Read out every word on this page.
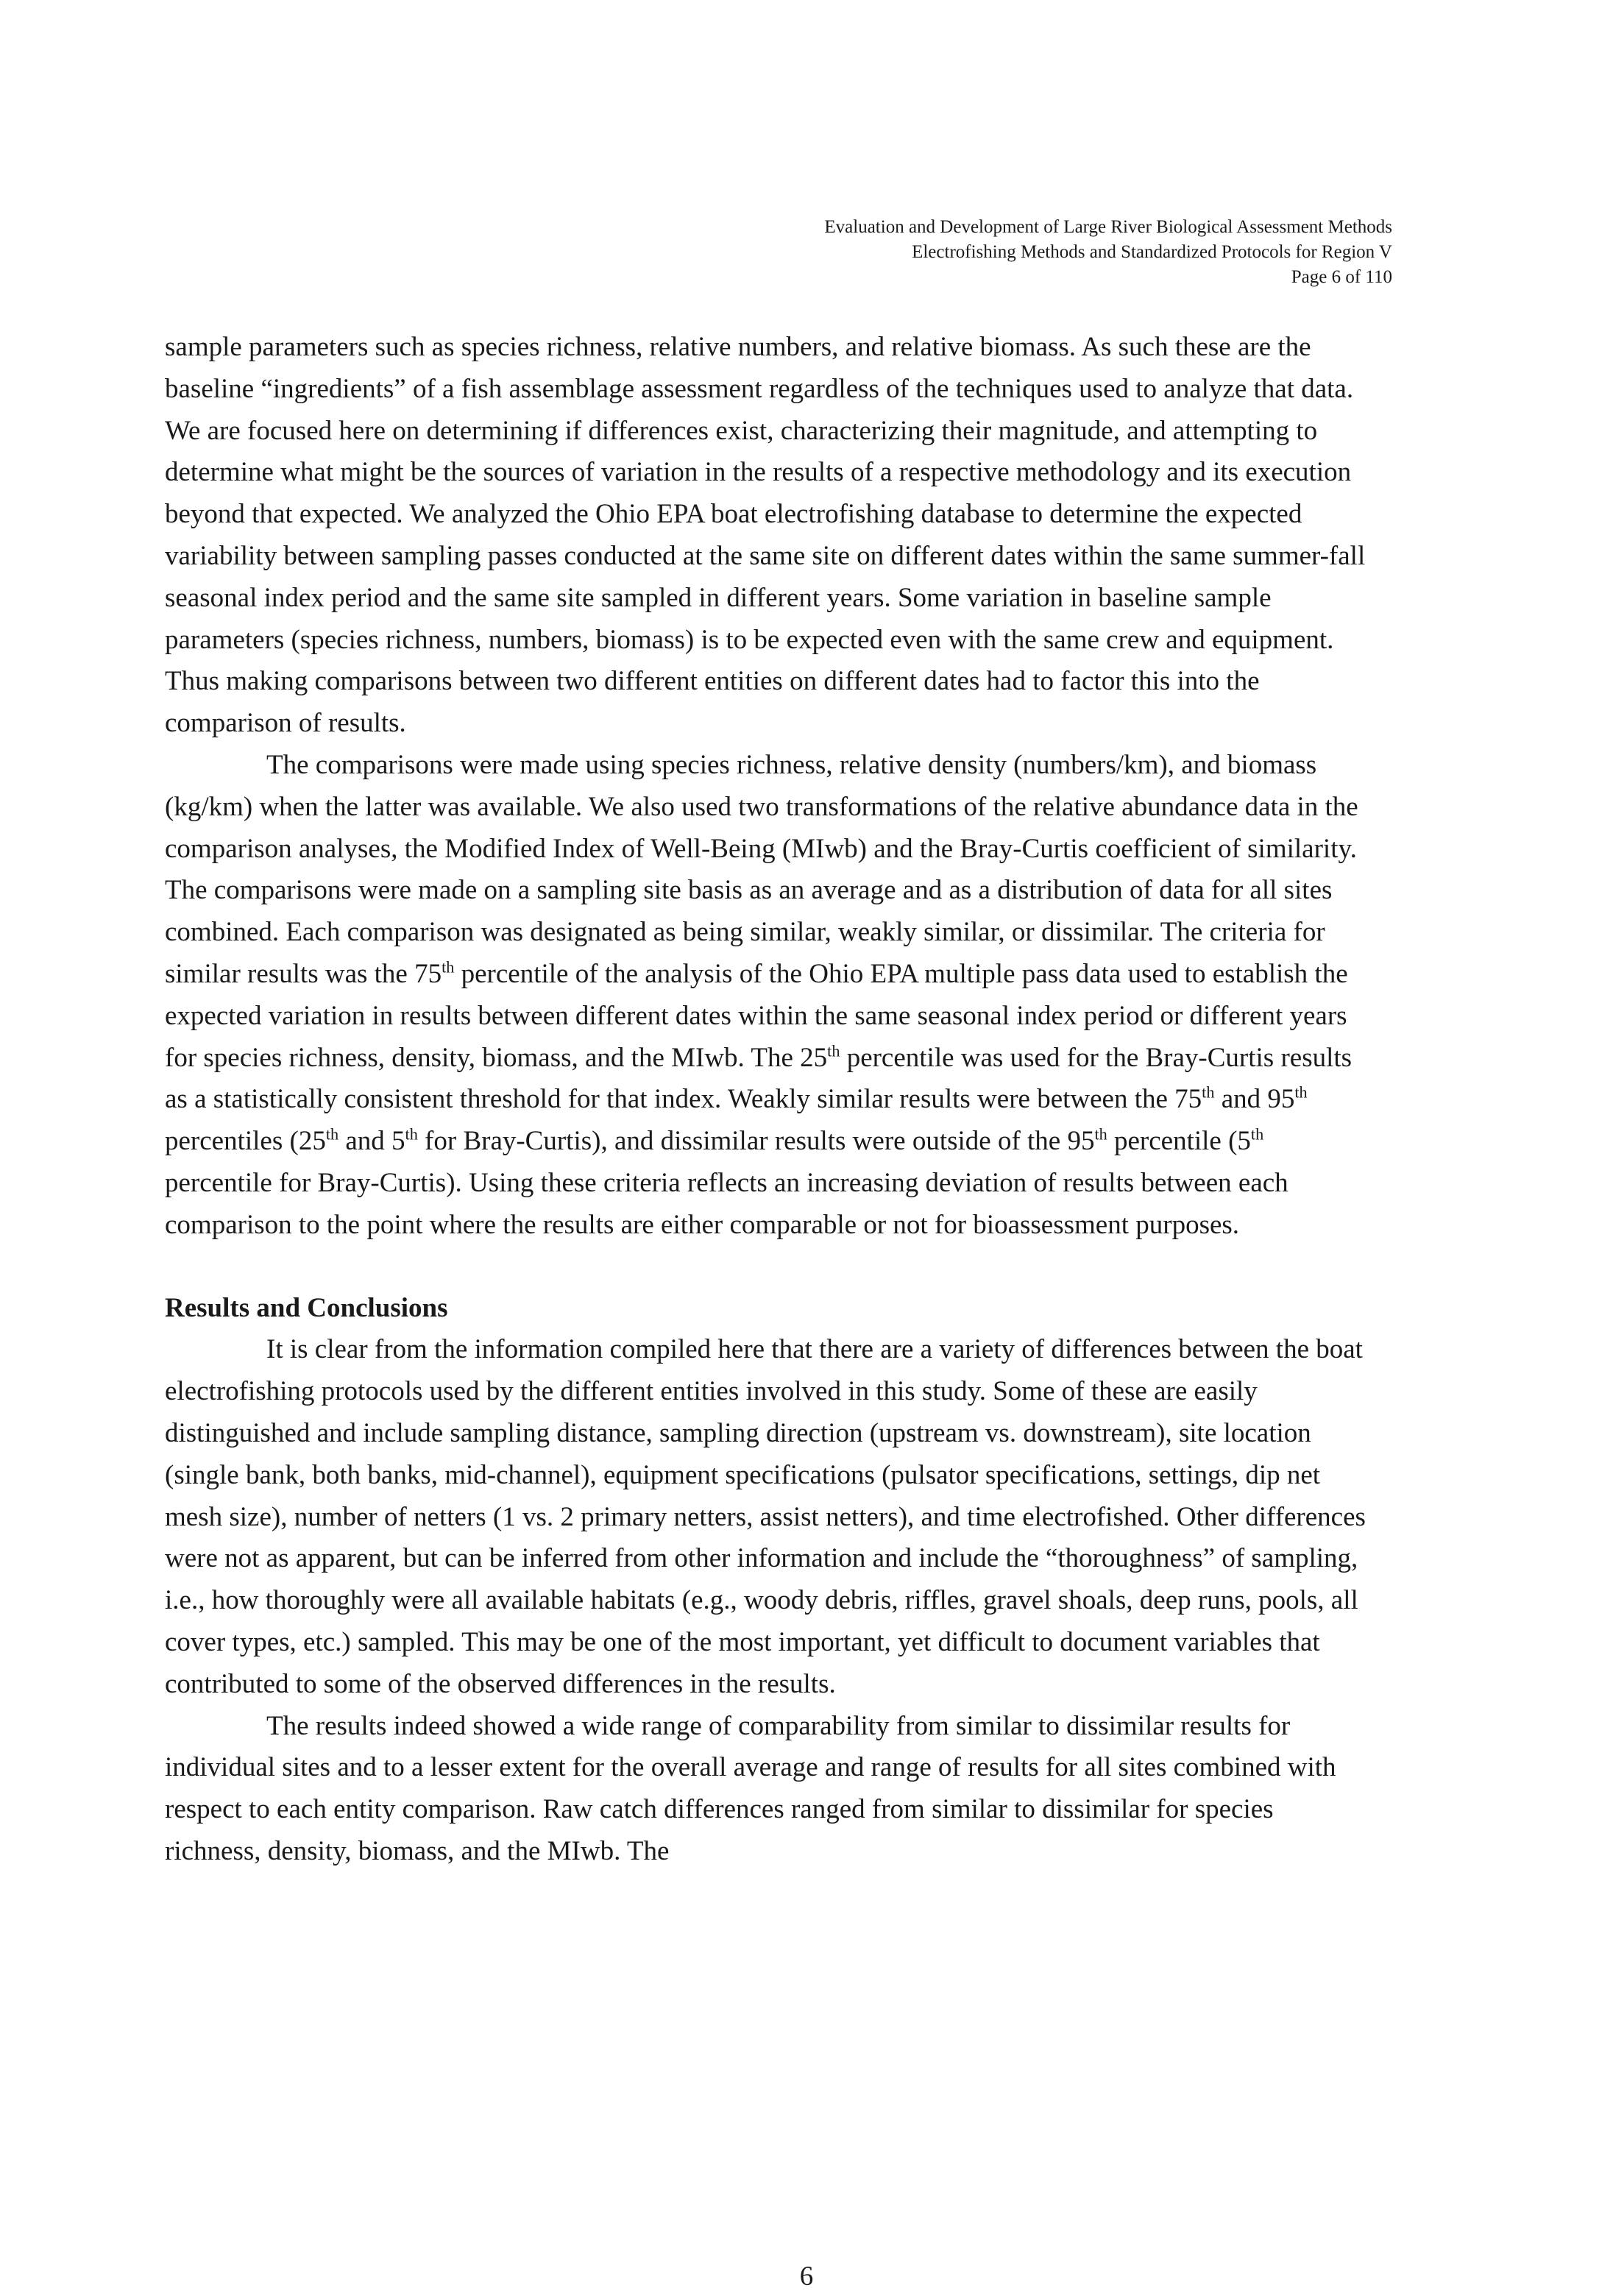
Evaluation and Development of Large River Biological Assessment Methods
Electrofishing Methods and Standardized Protocols for Region V
Page 6 of 110

sample parameters such as species richness, relative numbers, and relative biomass. As such these are the baseline “ingredients” of a fish assemblage assessment regardless of the techniques used to analyze that data. We are focused here on determining if differences exist, characterizing their magnitude, and attempting to determine what might be the sources of variation in the results of a respective methodology and its execution beyond that expected. We analyzed the Ohio EPA boat electrofishing database to determine the expected variability between sampling passes conducted at the same site on different dates within the same summer-fall seasonal index period and the same site sampled in different years. Some variation in baseline sample parameters (species richness, numbers, biomass) is to be expected even with the same crew and equipment. Thus making comparisons between two different entities on different dates had to factor this into the comparison of results.

The comparisons were made using species richness, relative density (numbers/km), and biomass (kg/km) when the latter was available. We also used two transformations of the relative abundance data in the comparison analyses, the Modified Index of Well-Being (MIwb) and the Bray-Curtis coefficient of similarity. The comparisons were made on a sampling site basis as an average and as a distribution of data for all sites combined. Each comparison was designated as being similar, weakly similar, or dissimilar. The criteria for similar results was the 75th percentile of the analysis of the Ohio EPA multiple pass data used to establish the expected variation in results between different dates within the same seasonal index period or different years for species richness, density, biomass, and the MIwb. The 25th percentile was used for the Bray-Curtis results as a statistically consistent threshold for that index. Weakly similar results were between the 75th and 95th percentiles (25th and 5th for Bray-Curtis), and dissimilar results were outside of the 95th percentile (5th percentile for Bray-Curtis). Using these criteria reflects an increasing deviation of results between each comparison to the point where the results are either comparable or not for bioassessment purposes.

Results and Conclusions

It is clear from the information compiled here that there are a variety of differences between the boat electrofishing protocols used by the different entities involved in this study. Some of these are easily distinguished and include sampling distance, sampling direction (upstream vs. downstream), site location (single bank, both banks, mid-channel), equipment specifications (pulsator specifications, settings, dip net mesh size), number of netters (1 vs. 2 primary netters, assist netters), and time electrofished. Other differences were not as apparent, but can be inferred from other information and include the “thoroughness” of sampling, i.e., how thoroughly were all available habitats (e.g., woody debris, riffles, gravel shoals, deep runs, pools, all cover types, etc.) sampled. This may be one of the most important, yet difficult to document variables that contributed to some of the observed differences in the results.

The results indeed showed a wide range of comparability from similar to dissimilar results for individual sites and to a lesser extent for the overall average and range of results for all sites combined with respect to each entity comparison. Raw catch differences ranged from similar to dissimilar for species richness, density, biomass, and the MIwb. The

6
